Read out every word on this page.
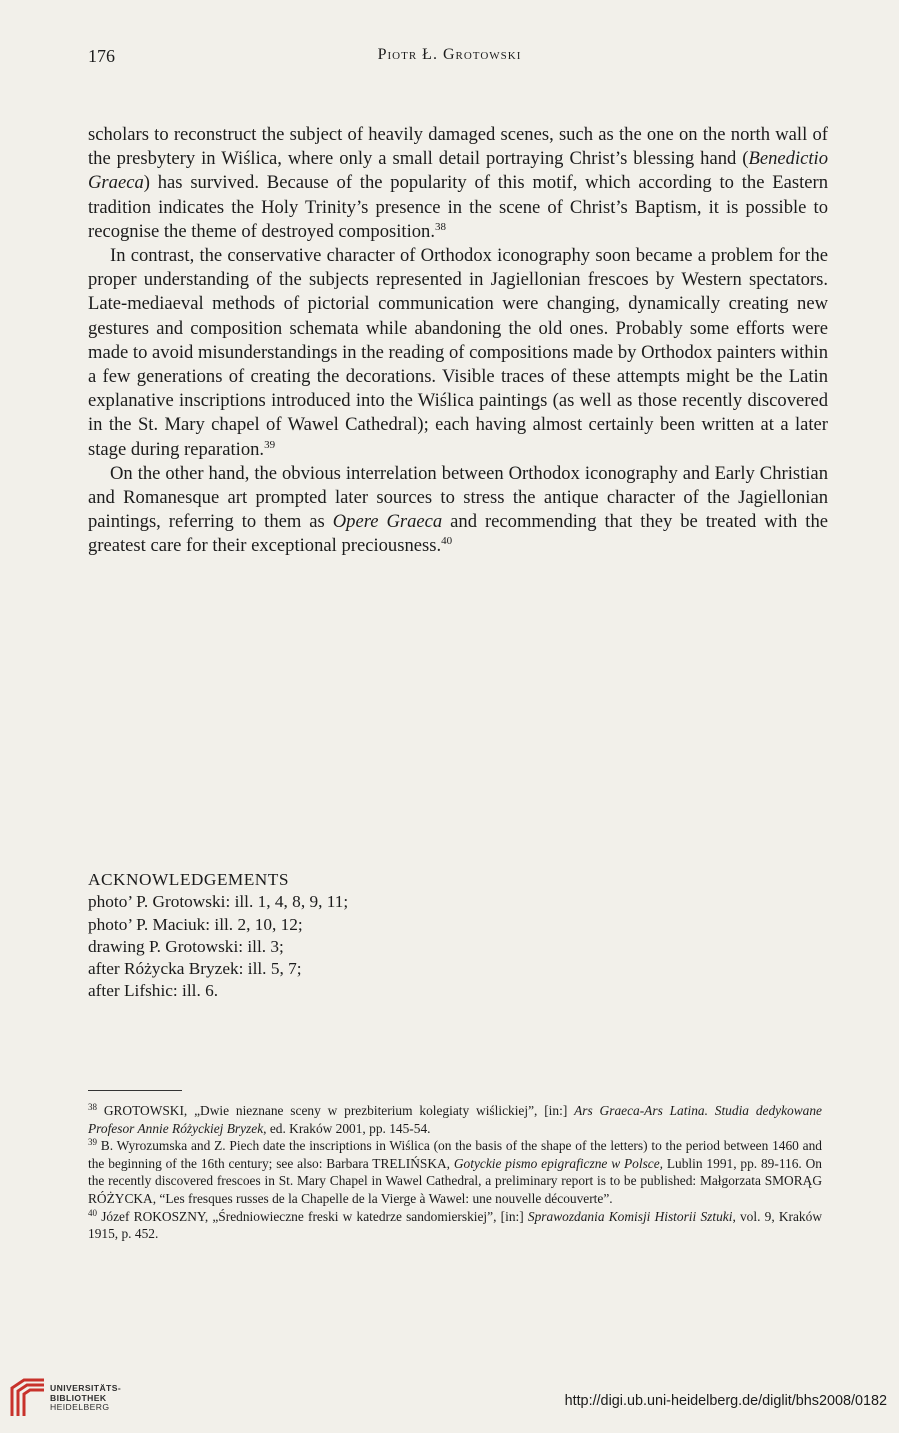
176	Piotr Ł. Grotowski

scholars to reconstruct the subject of heavily damaged scenes, such as the one on the north wall of the presbytery in Wiślica, where only a small detail portraying Christ’s blessing hand (Benedictio Graeca) has survived. Because of the popularity of this motif, which according to the Eastern tradition indicates the Holy Trinity’s presence in the scene of Christ’s Baptism, it is possible to recognise the theme of destroyed composition.$^{38}$

In contrast, the conservative character of Orthodox iconography soon became a problem for the proper understanding of the subjects represented in Jagiellonian frescoes by Western spectators. Late-mediaeval methods of pictorial communication were changing, dynamically creating new gestures and composition schemata while abandoning the old ones. Probably some efforts were made to avoid misunderstandings in the reading of compositions made by Orthodox painters within a few generations of creating the decorations. Visible traces of these attempts might be the Latin explanative inscriptions introduced into the Wiślica paintings (as well as those recently discovered in the St. Mary chapel of Wawel Cathedral); each having almost certainly been written at a later stage during reparation.$^{39}$

On the other hand, the obvious interrelation between Orthodox iconography and Early Christian and Romanesque art prompted later sources to stress the antique character of the Jagiellonian paintings, referring to them as Opere Graeca and recommending that they be treated with the greatest care for their exceptional preciousness.$^{40}$

ACKNOWLEDGEMENTS
photo’ P. Grotowski: ill. 1, 4, 8, 9, 11;
photo’ P. Maciuk: ill. 2, 10, 12;
drawing P. Grotowski: ill. 3;
after Różycka Bryzek: ill. 5, 7;
after Lifshic: ill. 6.

$^{38}$ GROTOWSKI, „Dwie nieznane sceny w prezbiterium kolegiaty wiślickiej”, [in:] Ars Graeca-Ars Latina. Studia dedykowane Profesor Annie Różyckiej Bryzek, ed. Kraków 2001, pp. 145-54.

$^{39}$ B. Wyrozumska and Z. Piech date the inscriptions in Wiślica (on the basis of the shape of the letters) to the period between 1460 and the beginning of the 16th century; see also: Barbara TRELIŃSKA, Gotyckie pismo epigraficzne w Polsce, Lublin 1991, pp. 89-116. On the recently discovered frescoes in St. Mary Chapel in Wawel Cathedral, a preliminary report is to be published: Małgorzata SMORĄG RÓŻYCKA, “Les fresques russes de la Chapelle de la Vierge à Wawel: une nouvelle découverte”.

$^{40}$ Józef ROKOSZNY, „Średniowieczne freski w katedrze sandomierskiej”, [in:] Sprawozdania Komisji Historii Sztuki, vol. 9, Kraków 1915, p. 452.

UNIVERSITÄTS-
BIBLIOTHEK
HEIDELBERG	http://digi.ub.uni-heidelberg.de/diglit/bhs2008/0182
